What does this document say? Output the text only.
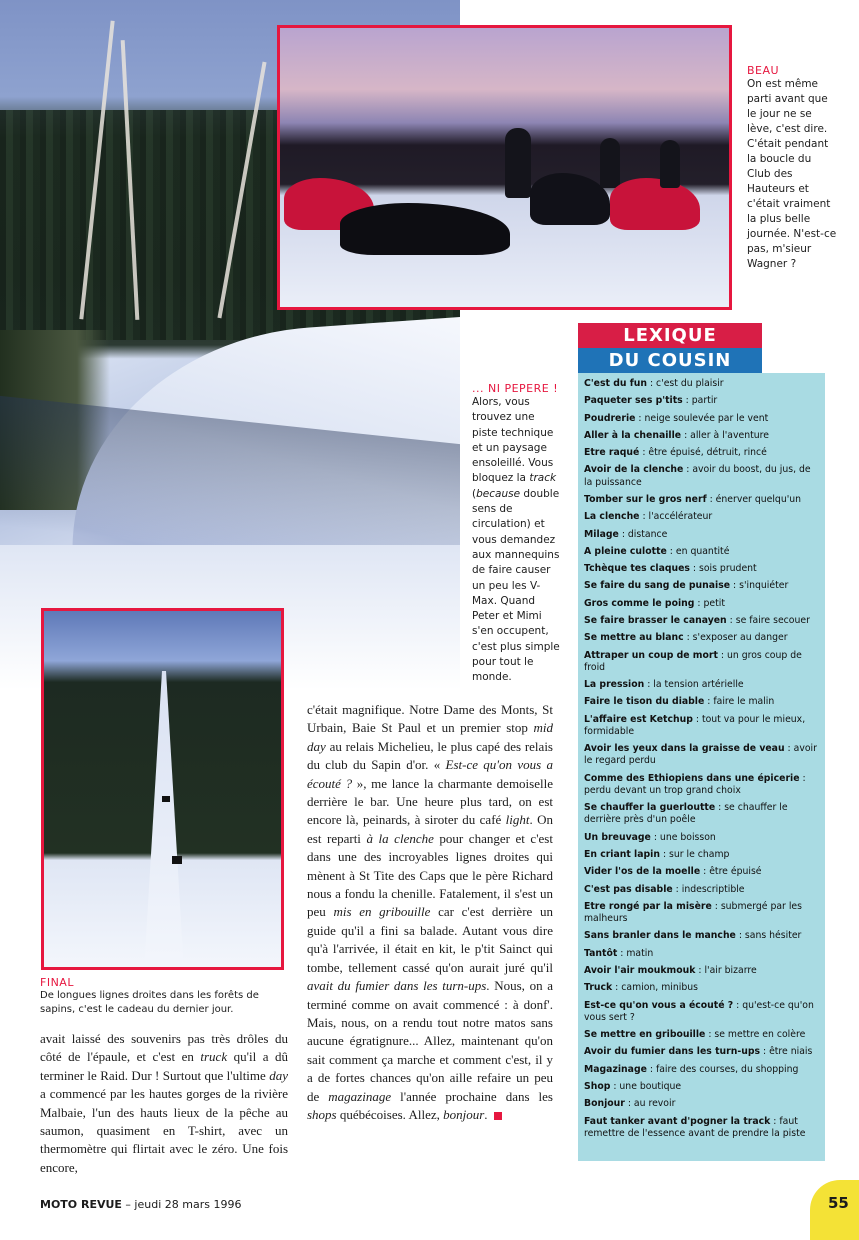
BEAU
On est même parti avant que le jour ne se lève, c'est dire. C'était pendant la boucle du Club des Hauteurs et c'était vraiment la plus belle journée. N'est-ce pas, m'sieur Wagner ?
... NI PEPERE !
Alors, vous trouvez une piste technique et un paysage ensoleillé. Vous bloquez la track (because double sens de circulation) et vous demandez aux mannequins de faire causer un peu les V-Max. Quand Peter et Mimi s'en occupent, c'est plus simple pour tout le monde.
FINAL
De longues lignes droites dans les forêts de sapins, c'est le cadeau du dernier jour.
LEXIQUE
DU COUSIN
C'est du fun : c'est du plaisir
Paqueter ses p'tits : partir
Poudrerie : neige soulevée par le vent
Aller à la chenaille : aller à l'aventure
Etre raqué : être épuisé, détruit, rincé
Avoir de la clenche : avoir du boost, du jus, de la puissance
Tomber sur le gros nerf : énerver quelqu'un
La clenche : l'accélérateur
Milage : distance
A pleine culotte : en quantité
Tchèque tes claques : sois prudent
Se faire du sang de punaise : s'inquiéter
Gros comme le poing : petit
Se faire brasser le canayen : se faire secouer
Se mettre au blanc : s'exposer au danger
Attraper un coup de mort : un gros coup de froid
La pression : la tension artérielle
Faire le tison du diable : faire le malin
L'affaire est Ketchup : tout va pour le mieux, formidable
Avoir les yeux dans la graisse de veau : avoir le regard perdu
Comme des Ethiopiens dans une épicerie : perdu devant un trop grand choix
Se chauffer la guerloutte : se chauffer le derrière près d'un poêle
Un breuvage : une boisson
En criant lapin : sur le champ
Vider l'os de la moelle : être épuisé
C'est pas disable : indescriptible
Etre rongé par la misère : submergé par les malheurs
Sans branler dans le manche : sans hésiter
Tantôt : matin
Avoir l'air moukmouk : l'air bizarre
Truck : camion, minibus
Est-ce qu'on vous a écouté ? : qu'est-ce qu'on vous sert ?
Se mettre en gribouille : se mettre en colère
Avoir du fumier dans les turn-ups : être niais
Magazinage : faire des courses, du shopping
Shop : une boutique
Bonjour : au revoir
Faut tanker avant d'pogner la track : faut remettre de l'essence avant de prendre la piste
avait laissé des souvenirs pas très drôles du côté de l'épaule, et c'est en truck qu'il a dû terminer le Raid. Dur ! Surtout que l'ultime day a commencé par les hautes gorges de la rivière Malbaie, l'un des hauts lieux de la pêche au saumon, quasiment en T-shirt, avec un thermomètre qui flirtait avec le zéro. Une fois encore,
c'était magnifique. Notre Dame des Monts, St Urbain, Baie St Paul et un premier stop mid day au relais Michelieu, le plus capé des relais du club du Sapin d'or. « Est-ce qu'on vous a écouté ? », me lance la charmante demoiselle derrière le bar. Une heure plus tard, on est encore là, peinards, à siroter du café light. On est reparti à la clenche pour changer et c'est dans une des incroyables lignes droites qui mènent à St Tite des Caps que le père Richard nous a fondu la chenille. Fatalement, il s'est un peu mis en gribouille car c'est derrière un guide qu'il a fini sa balade. Autant vous dire qu'à l'arrivée, il était en kit, le p'tit Sainct qui tombe, tellement cassé qu'on aurait juré qu'il avait du fumier dans les turn-ups. Nous, on a terminé comme on avait commencé : à donf'. Mais, nous, on a rendu tout notre matos sans aucune égratignure... Allez, maintenant qu'on sait comment ça marche et comment c'est, il y a de fortes chances qu'on aille refaire un peu de magazinage l'année prochaine dans les shops québécoises. Allez, bonjour.
MOTO REVUE – jeudi 28 mars 1996	55
